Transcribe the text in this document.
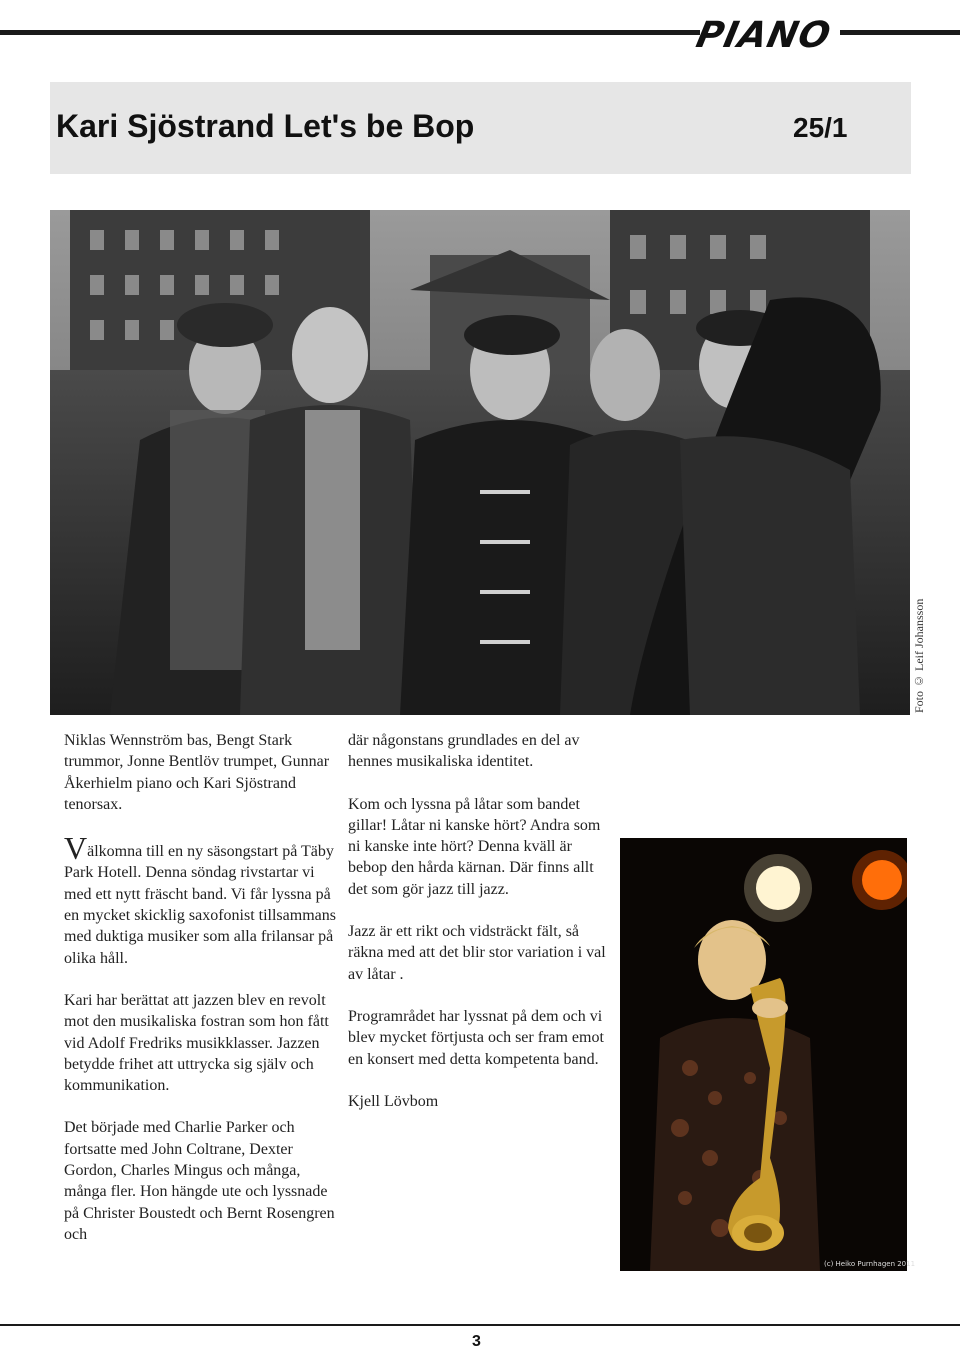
PIANO
Kari Sjöstrand Let's be Bop	25/1
Foto © Leif Johansson

Niklas Wennström bas, Bengt Stark trummor, Jonne Bentlöv trumpet, Gunnar Åkerhielm piano och Kari Sjöstrand tenorsax.

Välkomna till en ny säsongstart på Täby Park Hotell. Denna söndag rivstartar vi med ett nytt fräscht band. Vi får lyssna på en mycket skicklig saxofonist tillsammans med duktiga musiker som alla frilansar på olika håll.

Kari har berättat att jazzen blev en revolt mot den musikaliska fostran som hon fått vid Adolf Fredriks musikklasser. Jazzen betydde frihet att uttrycka sig själv och kommunikation.

Det började med Charlie Parker och fortsatte med John Coltrane, Dexter Gordon, Charles Mingus och många, många fler. Hon hängde ute och lyssnade på Christer Boustedt och Bernt Rosengren och

där någonstans grundlades en del av hennes musikaliska identitet.

Kom och lyssna på låtar som bandet gillar! Låtar ni kanske hört? Andra som ni kanske inte hört? Denna kväll är bebop den hårda kärnan. Där finns allt det som gör jazz till jazz.

Jazz är ett rikt och vidsträckt fält, så räkna med att det blir stor variation i val av låtar .

Programrådet har lyssnat på dem och vi blev mycket förtjusta och ser fram emot en konsert med detta kompetenta band.

Kjell Lövbom

(c) Heiko Purnhagen 2011
3
